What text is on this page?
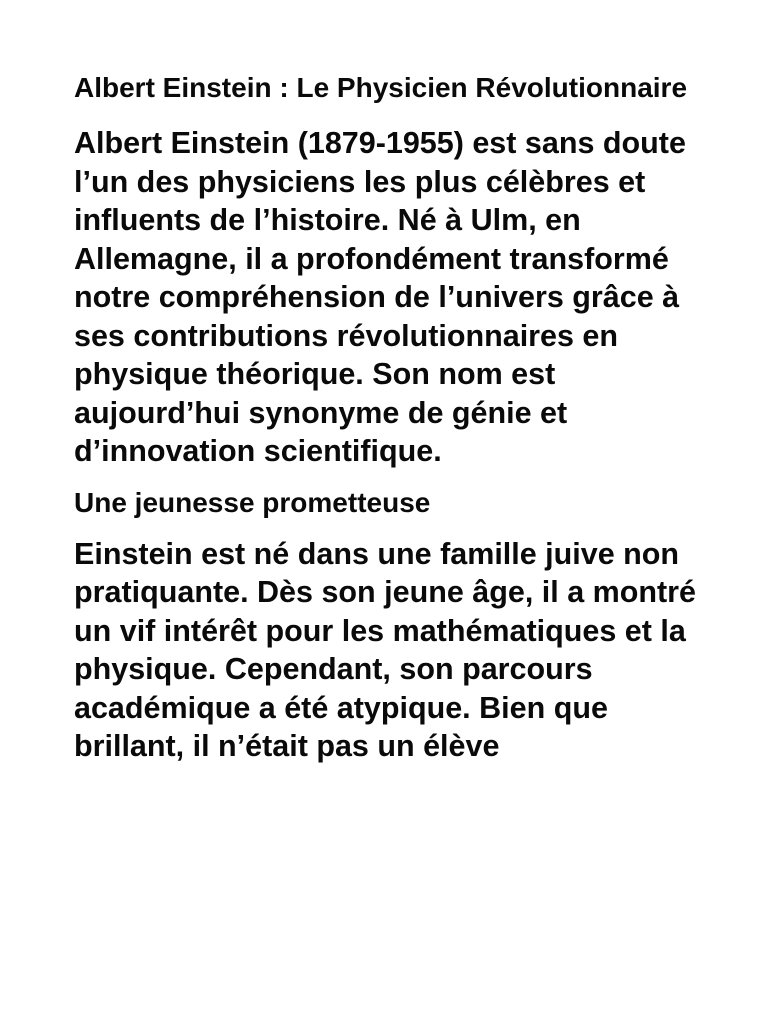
Albert Einstein : Le Physicien Révolutionnaire

Albert Einstein (1879-1955) est sans doute l’un des physiciens les plus célèbres et influents de l’histoire. Né à Ulm, en Allemagne, il a profondément transformé notre compréhension de l’univers grâce à ses contributions révolutionnaires en physique théorique. Son nom est aujourd’hui synonyme de génie et d’innovation scientifique.

Une jeunesse prometteuse

Einstein est né dans une famille juive non pratiquante. Dès son jeune âge, il a montré un vif intérêt pour les mathématiques et la physique. Cependant, son parcours académique a été atypique. Bien que brillant, il n’était pas un élève
